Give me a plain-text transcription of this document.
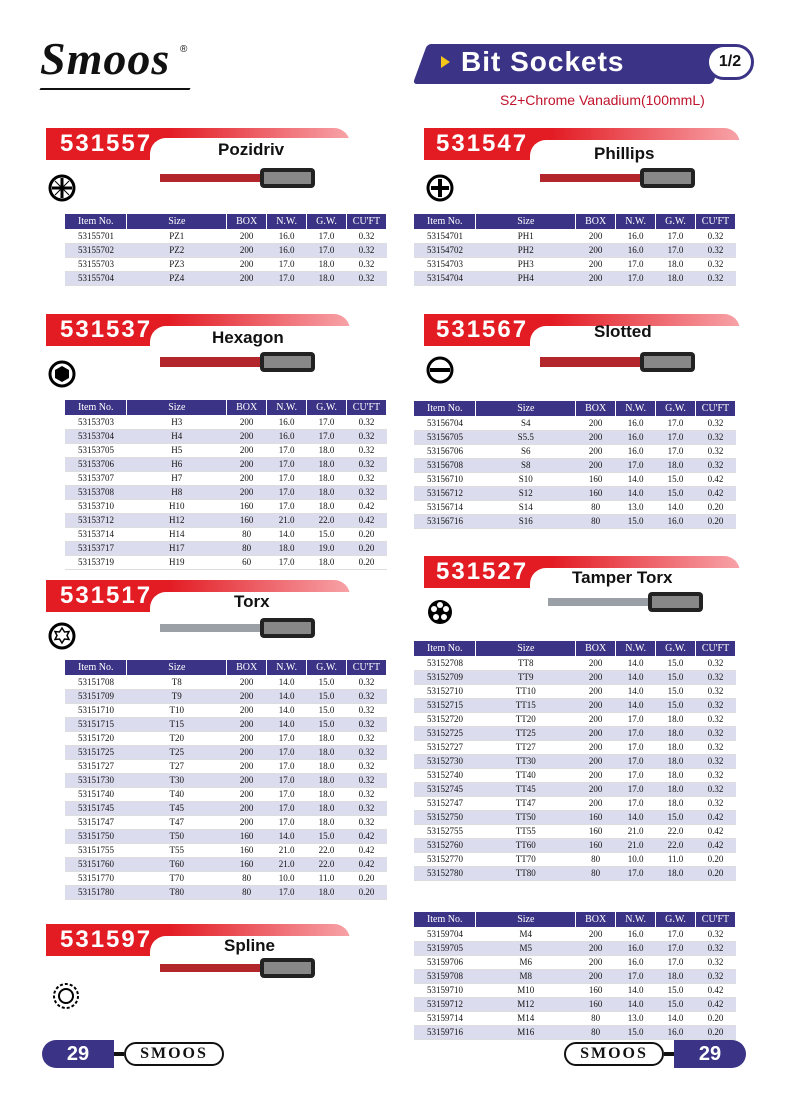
Smoos ®	Bit Sockets	1/2
S2+Chrome Vanadium(100mmL)
531557	Pozidriv
Item No.	Size	BOX	N.W.	G.W.	CU'FT
53155701	PZ1	200	16.0	17.0	0.32
53155702	PZ2	200	16.0	17.0	0.32
53155703	PZ3	200	17.0	18.0	0.32
53155704	PZ4	200	17.0	18.0	0.32
531547	Phillips
Item No.	Size	BOX	N.W.	G.W.	CU'FT
53154701	PH1	200	16.0	17.0	0.32
53154702	PH2	200	16.0	17.0	0.32
53154703	PH3	200	17.0	18.0	0.32
53154704	PH4	200	17.0	18.0	0.32
531537	Hexagon
Item No.	Size	BOX	N.W.	G.W.	CU'FT
53153703	H3	200	16.0	17.0	0.32
53153704	H4	200	16.0	17.0	0.32
53153705	H5	200	17.0	18.0	0.32
53153706	H6	200	17.0	18.0	0.32
53153707	H7	200	17.0	18.0	0.32
53153708	H8	200	17.0	18.0	0.32
53153710	H10	160	17.0	18.0	0.42
53153712	H12	160	21.0	22.0	0.42
53153714	H14	80	14.0	15.0	0.20
53153717	H17	80	18.0	19.0	0.20
53153719	H19	60	17.0	18.0	0.20
531567	Slotted
Item No.	Size	BOX	N.W.	G.W.	CU'FT
53156704	S4	200	16.0	17.0	0.32
53156705	S5.5	200	16.0	17.0	0.32
53156706	S6	200	16.0	17.0	0.32
53156708	S8	200	17.0	18.0	0.32
53156710	S10	160	14.0	15.0	0.42
53156712	S12	160	14.0	15.0	0.42
53156714	S14	80	13.0	14.0	0.20
53156716	S16	80	15.0	16.0	0.20
531517	Torx
Item No.	Size	BOX	N.W.	G.W.	CU'FT
53151708	T8	200	14.0	15.0	0.32
53151709	T9	200	14.0	15.0	0.32
53151710	T10	200	14.0	15.0	0.32
53151715	T15	200	14.0	15.0	0.32
53151720	T20	200	17.0	18.0	0.32
53151725	T25	200	17.0	18.0	0.32
53151727	T27	200	17.0	18.0	0.32
53151730	T30	200	17.0	18.0	0.32
53151740	T40	200	17.0	18.0	0.32
53151745	T45	200	17.0	18.0	0.32
53151747	T47	200	17.0	18.0	0.32
53151750	T50	160	14.0	15.0	0.42
53151755	T55	160	21.0	22.0	0.42
53151760	T60	160	21.0	22.0	0.42
53151770	T70	80	10.0	11.0	0.20
53151780	T80	80	17.0	18.0	0.20
531527	Tamper Torx
Item No.	Size	BOX	N.W.	G.W.	CU'FT
53152708	TT8	200	14.0	15.0	0.32
53152709	TT9	200	14.0	15.0	0.32
53152710	TT10	200	14.0	15.0	0.32
53152715	TT15	200	14.0	15.0	0.32
53152720	TT20	200	17.0	18.0	0.32
53152725	TT25	200	17.0	18.0	0.32
53152727	TT27	200	17.0	18.0	0.32
53152730	TT30	200	17.0	18.0	0.32
53152740	TT40	200	17.0	18.0	0.32
53152745	TT45	200	17.0	18.0	0.32
53152747	TT47	200	17.0	18.0	0.32
53152750	TT50	160	14.0	15.0	0.42
53152755	TT55	160	21.0	22.0	0.42
53152760	TT60	160	21.0	22.0	0.42
53152770	TT70	80	10.0	11.0	0.20
53152780	TT80	80	17.0	18.0	0.20
531597	Spline
Item No.	Size	BOX	N.W.	G.W.	CU'FT
53159704	M4	200	16.0	17.0	0.32
53159705	M5	200	16.0	17.0	0.32
53159706	M6	200	16.0	17.0	0.32
53159708	M8	200	17.0	18.0	0.32
53159710	M10	160	14.0	15.0	0.42
53159712	M12	160	14.0	15.0	0.42
53159714	M14	80	13.0	14.0	0.20
53159716	M16	80	15.0	16.0	0.20
29	SMOOS	SMOOS	29
